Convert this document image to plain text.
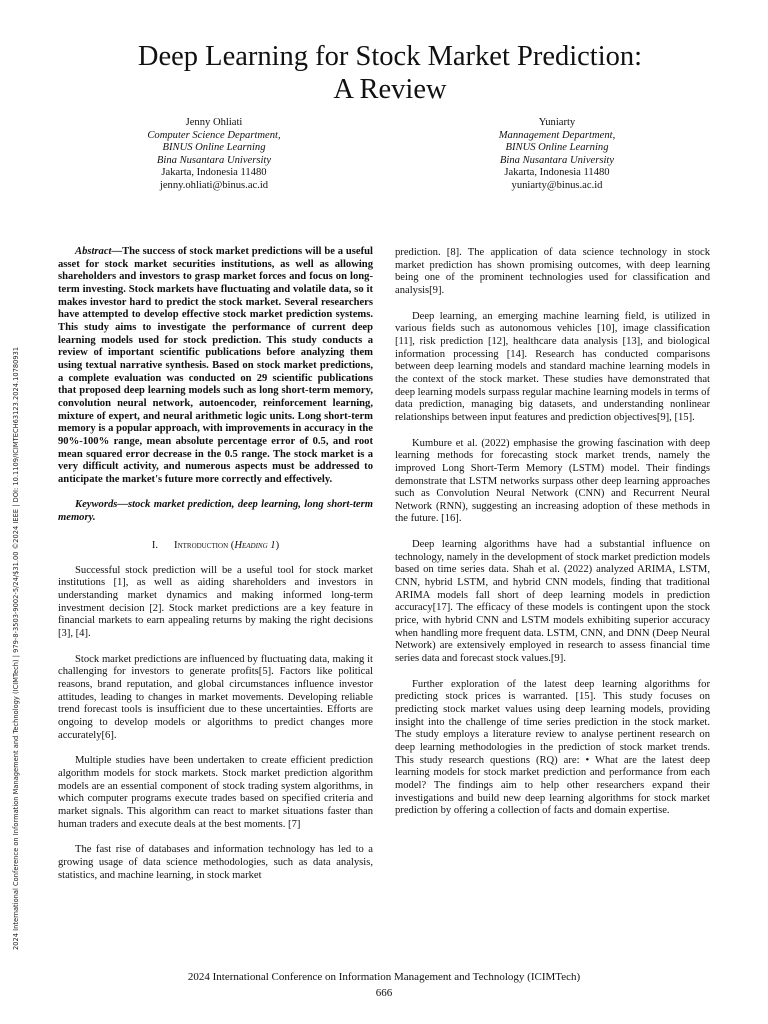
2024 International Conference on Information Management and Technology (ICIMTech) | 979-8-3503-9002-5/24/$31.00 ©2024 IEEE | DOI: 10.1109/ICIMTECH63123.2024.10780931
Deep Learning for Stock Market Prediction:
A Review
Jenny Ohliati
Computer Science Department,
BINUS Online Learning
Bina Nusantara University
Jakarta, Indonesia 11480
jenny.ohliati@binus.ac.id
Yuniarty
Mannagement Department,
BINUS Online Learning
Bina Nusantara University
Jakarta, Indonesia 11480
yuniarty@binus.ac.id

Abstract—The success of stock market predictions will be a useful asset for stock market securities institutions, as well as allowing shareholders and investors to grasp market forces and focus on long-term investing. Stock markets have fluctuating and volatile data, so it makes investor hard to predict the stock market. Several researchers have attempted to develop effective stock market prediction systems. This study aims to investigate the performance of current deep learning models used for stock prediction. This study conducts a review of important scientific publications before analyzing them using textual narrative synthesis. Based on stock market predictions, a complete evaluation was conducted on 29 scientific publications that proposed deep learning models such as long short-term memory, convolution neural network, autoencoder, reinforcement learning, mixture of expert, and neural arithmetic logic units. Long short-term memory is a popular approach, with improvements in accuracy in the 90%-100% range, mean absolute percentage error of 0.5, and root mean squared error decrease in the 0.5 range. The stock market is a very difficult activity, and numerous aspects must be addressed to anticipate the market's future more correctly and effectively.

Keywords—stock market prediction, deep learning, long short-term memory.

I. Introduction (Heading 1)

Successful stock prediction will be a useful tool for stock market institutions [1], as well as aiding shareholders and investors in understanding market dynamics and making informed long-term investment decision [2]. Stock market predictions are a key feature in financial markets to earn appealing returns by making the right decisions [3], [4].

Stock market predictions are influenced by fluctuating data, making it challenging for investors to generate profits[5]. Factors like political reasons, brand reputation, and global circumstances influence investor attitudes, leading to changes in market movements. Developing reliable trend forecast tools is insufficient due to these uncertainties. Efforts are ongoing to develop models or algorithms to predict changes more accurately[6].

Multiple studies have been undertaken to create efficient prediction algorithm models for stock markets. Stock market prediction algorithm models are an essential component of stock trading system algorithms, in which computer programs execute trades based on specified criteria and market signals. This algorithm can react to market situations faster than human traders and execute deals at the best moments. [7]

The fast rise of databases and information technology has led to a growing usage of data science methodologies, such as data analysis, statistics, and machine learning, in stock market

prediction. [8]. The application of data science technology in stock market prediction has shown promising outcomes, with deep learning being one of the prominent technologies used for classification and analysis[9].

Deep learning, an emerging machine learning field, is utilized in various fields such as autonomous vehicles [10], image classification [11], risk prediction [12], healthcare data analysis [13], and biological information processing [14]. Research has conducted comparisons between deep learning models and standard machine learning models in the context of the stock market. These studies have demonstrated that deep learning models surpass regular machine learning models in terms of data prediction, managing big datasets, and understanding nonlinear relationships between input features and prediction objectives[9], [15].

Kumbure et al. (2022) emphasise the growing fascination with deep learning methods for forecasting stock market trends, namely the improved Long Short-Term Memory (LSTM) model. Their findings demonstrate that LSTM networks surpass other deep learning approaches such as Convolution Neural Network (CNN) and Recurrent Neural Network (RNN), suggesting an increasing adoption of these methods in the future. [16].

Deep learning algorithms have had a substantial influence on technology, namely in the development of stock market prediction models based on time series data. Shah et al. (2022) analyzed ARIMA, LSTM, CNN, hybrid LSTM, and hybrid CNN models, finding that traditional ARIMA models fall short of deep learning models in prediction accuracy[17]. The efficacy of these models is contingent upon the stock price, with hybrid CNN and LSTM models exhibiting superior accuracy when handling more frequent data. LSTM, CNN, and DNN (Deep Neural Network) are extensively employed in research to assess financial time series data and forecast stock values.[9].

Further exploration of the latest deep learning algorithms for predicting stock prices is warranted. [15]. This study focuses on predicting stock market values using deep learning models, providing insight into the challenge of time series prediction in the stock market. The study employs a literature review to analyse pertinent research on deep learning methodologies in the prediction of stock market trends. This study research questions (RQ) are: • What are the latest deep learning models for stock market prediction and performance from each model? The findings aim to help other researchers expand their investigations and build new deep learning algorithms for stock market prediction by offering a collection of facts and domain expertise.

2024 International Conference on Information Management and Technology (ICIMTech)
666
